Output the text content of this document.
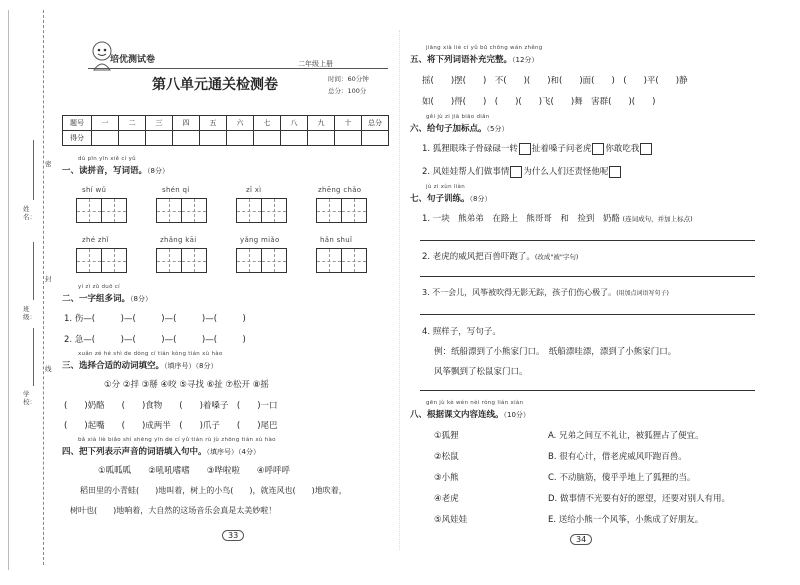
密
封
线
姓名：
班级：
学校：
培优测试卷	二年级上册
第八单元通关检测卷	时间：60分钟
总分：100分
题号	一	二	三	四	五	六	七	八	九	十	总分
得分											
dú pīn yīn xiě cí yǔ
一、读拼音，写词语。（8分）
shí wǔ	shén qí	zǐ xì	zhēng chǎo
zhé zhǐ	zhǎng kāi	yǎng miǎo	hǎn shuǐ
yí zì zǔ duō cí
二、一字组多词。（8分）
1. 伤—(　　　)—(　　　)—(　　　)—(　　　)
2. 急—(　　　)—(　　　)—(　　　)—(　　　)
xuǎn zé hé shì de dòng cí tián kòng tián xù hào
三、选择合适的动词填空。（填序号）（8分）
①分 ②拌 ③掰 ④咬 ⑤寻找 ⑥扯 ⑦松开 ⑧摇
(　　)奶酪　　(　　)食物　　(　　)着嗓子　(　　)一口
(　　)起嘴　　(　　)成两半　(　　)爪子　　(　　)尾巴
bǎ xià liè biǎo shì shēng yīn de cí yǔ tián rù jù zhōng tián xù hào
四、把下列表示声音的词语填入句中。（填序号）（4分）
①呱呱呱　　②吼吼嗜嗜　　③哗啦啦　　④呼呼呼
稻田里的小青蛙(　　)地叫着，树上的小鸟(　　)，就连风也(　　)地吹着，
树叶也(　　)地响着，大自然的这场音乐会真是太美妙啦！
33
jiāng xià liè cí yǔ bǔ chōng wán zhěng
五、将下列词语补充完整。（12分）
摇(　　)摆(　　)　不(　　)(　　)和(　　)面(　　)　(　　)平(　　)静
如(　　)得(　　)　(　　)(　　)飞(　　)舞　害群(　　)(　　)
gěi jù zi jiā biāo diǎn
六、给句子加标点。（5分）
1. 狐狸眼珠子骨碌碌一转 扯着嗓子问老虎 你敢吃我
2. 风娃娃帮人们做事情 为什么人们还责怪他呢
jù zi xùn liàn
七、句子训练。（8分）
1. 一块　熊弟弟　在路上　熊哥哥　和　捡到　奶酪 (连词成句，并加上标点)
2. 老虎的威风把百兽吓跑了。(改成"被"字句)
3. 不一会儿，风筝被吹得无影无踪，孩子们伤心极了。(用加点词语写句子)
4. 照样子，写句子。
例：纸船漂到了小熊家门口。　纸船漂哇漂，漂到了小熊家门口。
风筝飘到了松鼠家门口。
gēn jù kè wén nèi róng lián xiàn
八、根据课文内容连线。（10分）
①狐狸
②松鼠
③小熊
④老虎
⑤风娃娃
A. 兄弟之间互不礼让，被狐狸占了便宜。
B. 很有心计，借老虎威风吓跑百兽。
C. 不动脑筋，傻乎乎地上了狐狸的当。
D. 做事情不光要有好的愿望，还要对别人有用。
E. 送给小熊一个风筝，小熊成了好朋友。
34
